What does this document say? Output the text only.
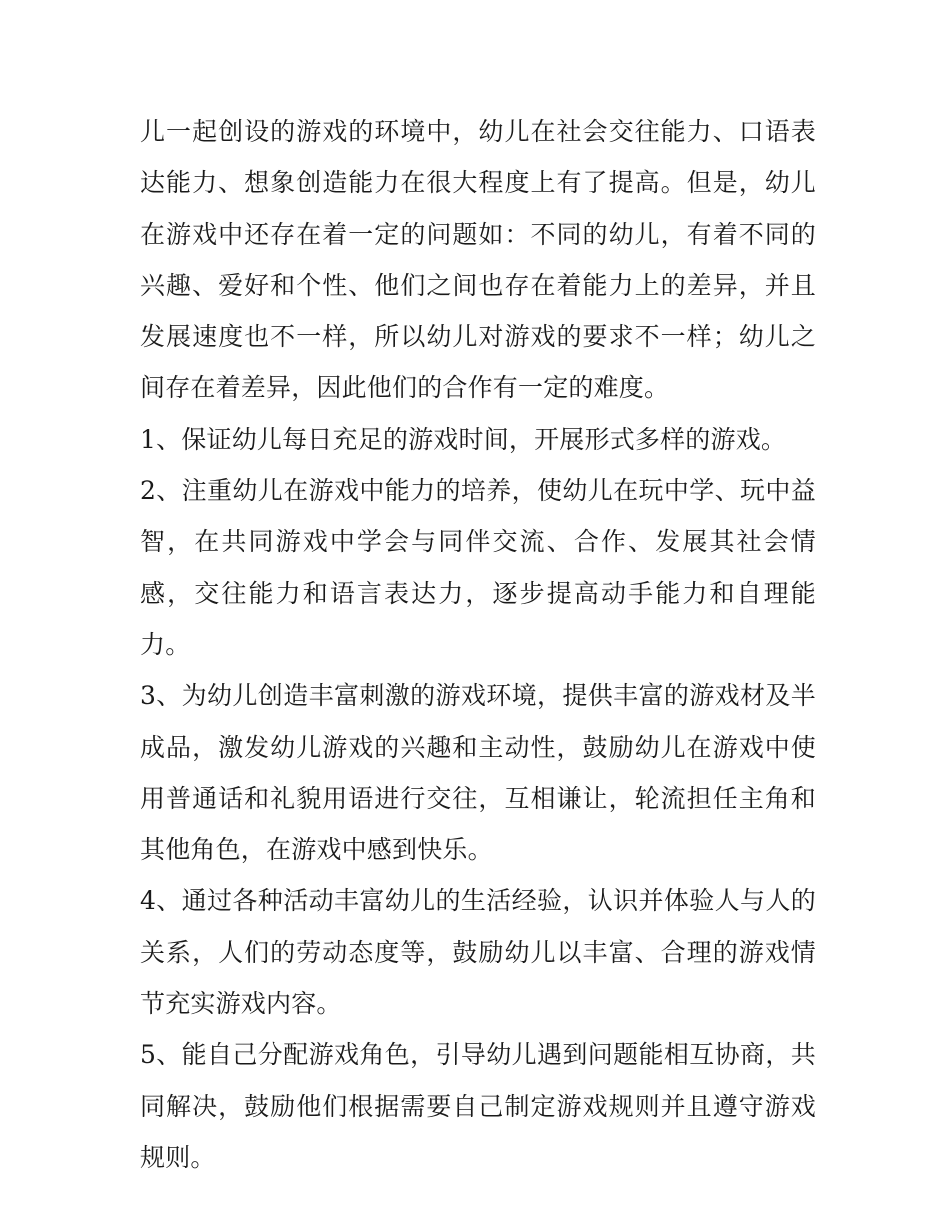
儿一起创设的游戏的环境中，幼儿在社会交往能力、口语表达能力、想象创造能力在很大程度上有了提高。但是，幼儿在游戏中还存在着一定的问题如：不同的幼儿，有着不同的兴趣、爱好和个性、他们之间也存在着能力上的差异，并且发展速度也不一样，所以幼儿对游戏的要求不一样；幼儿之间存在着差异，因此他们的合作有一定的难度。

1、保证幼儿每日充足的游戏时间，开展形式多样的游戏。

2、注重幼儿在游戏中能力的培养，使幼儿在玩中学、玩中益智，在共同游戏中学会与同伴交流、合作、发展其社会情感，交往能力和语言表达力，逐步提高动手能力和自理能力。

3、为幼儿创造丰富刺激的游戏环境，提供丰富的游戏材及半成品，激发幼儿游戏的兴趣和主动性，鼓励幼儿在游戏中使用普通话和礼貌用语进行交往，互相谦让，轮流担任主角和其他角色，在游戏中感到快乐。

4、通过各种活动丰富幼儿的生活经验，认识并体验人与人的关系，人们的劳动态度等，鼓励幼儿以丰富、合理的游戏情节充实游戏内容。

5、能自己分配游戏角色，引导幼儿遇到问题能相互协商，共同解决，鼓励他们根据需要自己制定游戏规则并且遵守游戏规则。
